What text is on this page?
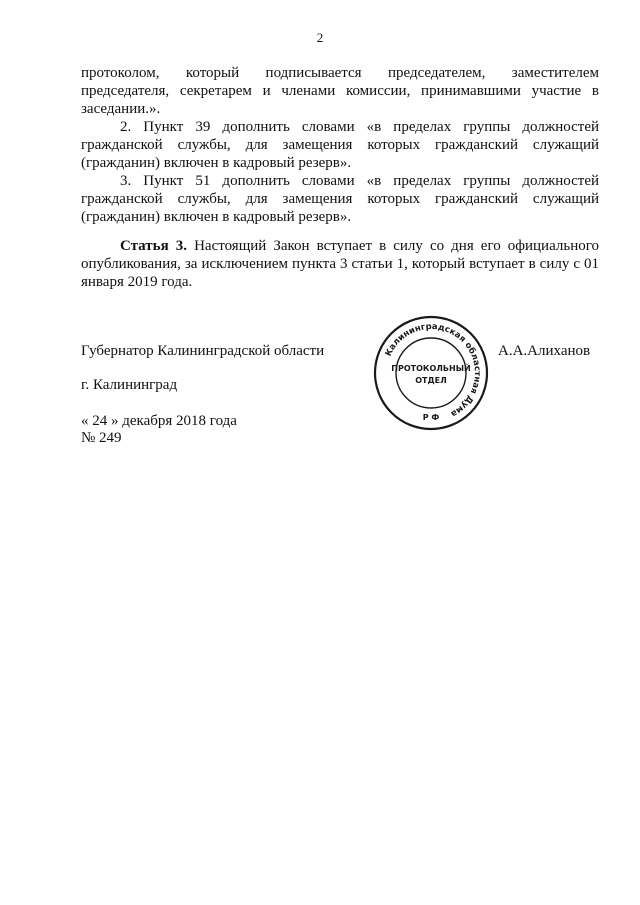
2

протоколом, который подписывается председателем, заместителем председателя, секретарем и членами комиссии, принимавшими участие в заседании.».

2. Пункт 39 дополнить словами «в пределах группы должностей гражданской службы, для замещения которых гражданский служащий (гражданин) включен в кадровый резерв».

3. Пункт 51 дополнить словами «в пределах группы должностей гражданской службы, для замещения которых гражданский служащий (гражданин) включен в кадровый резерв».

Статья 3. Настоящий Закон вступает в силу со дня его официального опубликования, за исключением пункта 3 статьи 1, который вступает в силу с 01 января 2019 года.

Губернатор Калининградской области	А.А.Алиханов
г. Калининград
« 24 » декабря 2018 года
№ 249
Калининградская областная Дума
ПРОТОКОЛЬНЫЙ
ОТДЕЛ
Р Ф
